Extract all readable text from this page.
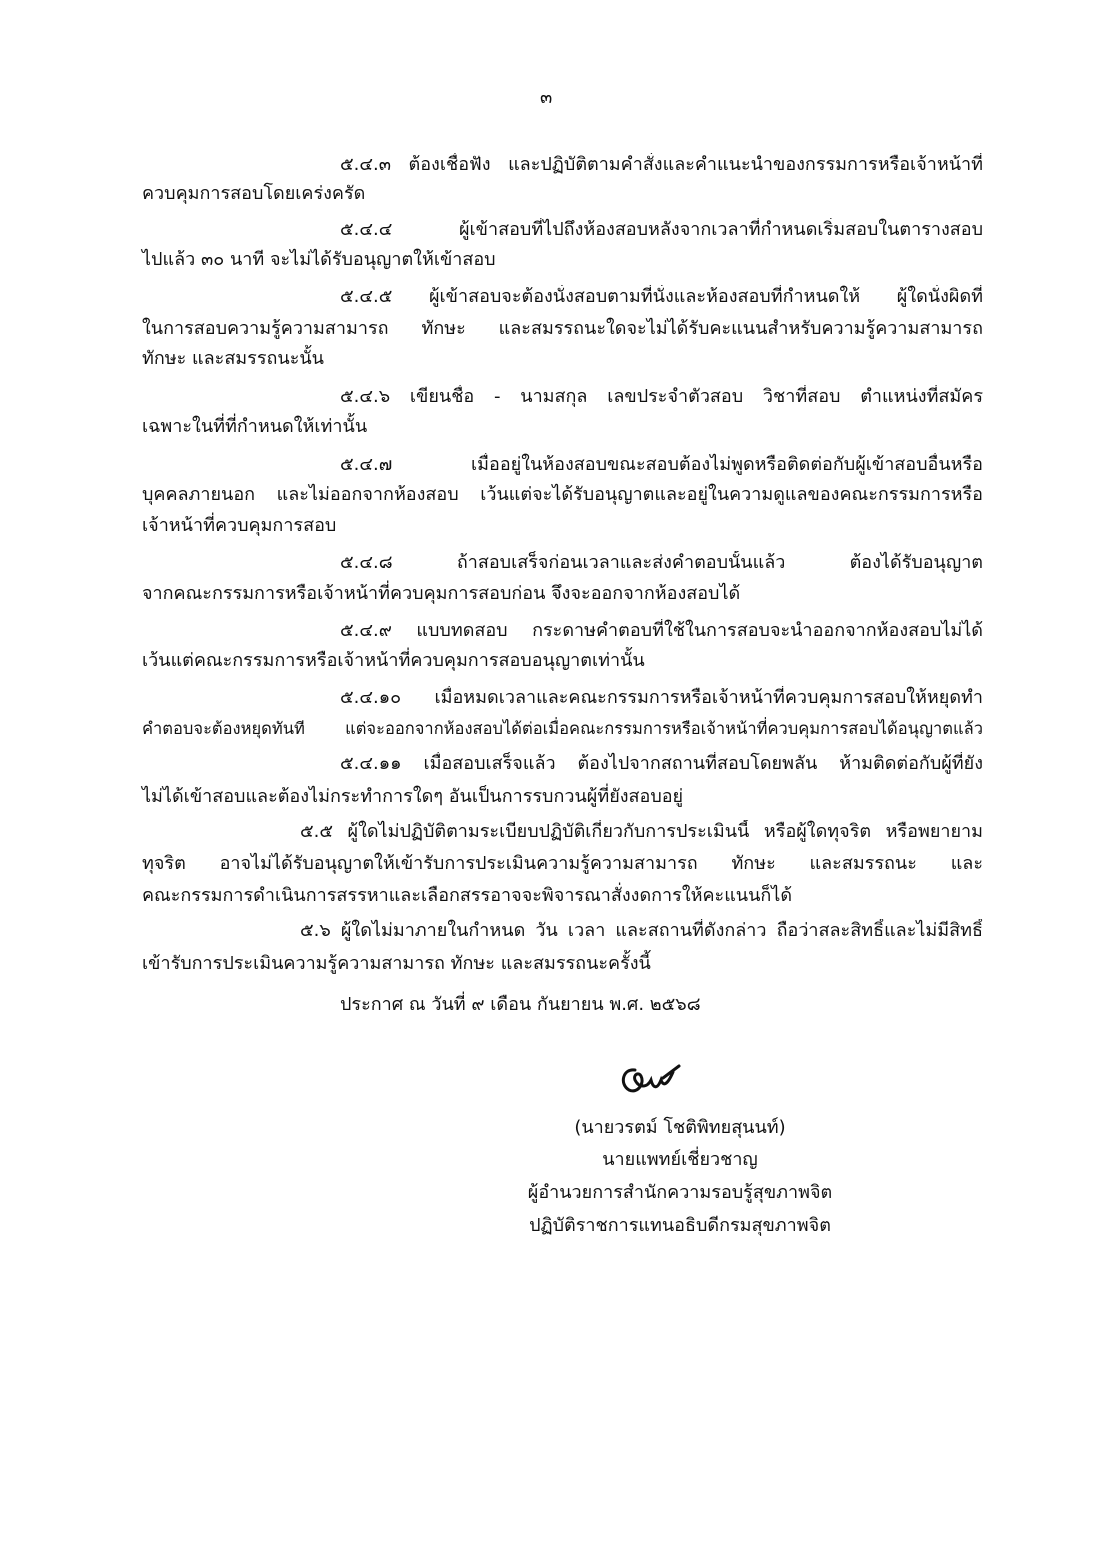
๓
๕.๔.๓ ต้องเชื่อฟัง และปฏิบัติตามคำสั่งและคำแนะนำของกรรมการหรือเจ้าหน้าที่
ควบคุมการสอบโดยเคร่งครัด
๕.๔.๔ ผู้เข้าสอบที่ไปถึงห้องสอบหลังจากเวลาที่กำหนดเริ่มสอบในตารางสอบ
ไปแล้ว ๓๐ นาที จะไม่ได้รับอนุญาตให้เข้าสอบ
๕.๔.๕ ผู้เข้าสอบจะต้องนั่งสอบตามที่นั่งและห้องสอบที่กำหนดให้ ผู้ใดนั่งผิดที่
ในการสอบความรู้ความสามารถ ทักษะ และสมรรถนะใดจะไม่ได้รับคะแนนสำหรับความรู้ความสามารถ
ทักษะ และสมรรถนะนั้น
๕.๔.๖ เขียนชื่อ - นามสกุล เลขประจำตัวสอบ วิชาที่สอบ ตำแหน่งที่สมัคร
เฉพาะในที่ที่กำหนดให้เท่านั้น
๕.๔.๗ เมื่ออยู่ในห้องสอบขณะสอบต้องไม่พูดหรือติดต่อกับผู้เข้าสอบอื่นหรือ
บุคคลภายนอก และไม่ออกจากห้องสอบ เว้นแต่จะได้รับอนุญาตและอยู่ในความดูแลของคณะกรรมการหรือ
เจ้าหน้าที่ควบคุมการสอบ
๕.๔.๘ ถ้าสอบเสร็จก่อนเวลาและส่งคำตอบนั้นแล้ว ต้องได้รับอนุญาต
จากคณะกรรมการหรือเจ้าหน้าที่ควบคุมการสอบก่อน จึงจะออกจากห้องสอบได้
๕.๔.๙ แบบทดสอบ กระดาษคำตอบที่ใช้ในการสอบจะนำออกจากห้องสอบไม่ได้
เว้นแต่คณะกรรมการหรือเจ้าหน้าที่ควบคุมการสอบอนุญาตเท่านั้น
๕.๔.๑๐ เมื่อหมดเวลาและคณะกรรมการหรือเจ้าหน้าที่ควบคุมการสอบให้หยุดทำ
คำตอบจะต้องหยุดทันที แต่จะออกจากห้องสอบได้ต่อเมื่อคณะกรรมการหรือเจ้าหน้าที่ควบคุมการสอบได้อนุญาตแล้ว
๕.๔.๑๑ เมื่อสอบเสร็จแล้ว ต้องไปจากสถานที่สอบโดยพลัน ห้ามติดต่อกับผู้ที่ยัง
ไม่ได้เข้าสอบและต้องไม่กระทำการใดๆ อันเป็นการรบกวนผู้ที่ยังสอบอยู่
๕.๕ ผู้ใดไม่ปฏิบัติตามระเบียบปฏิบัติเกี่ยวกับการประเมินนี้ หรือผู้ใดทุจริต หรือพยายาม
ทุจริต อาจไม่ได้รับอนุญาตให้เข้ารับการประเมินความรู้ความสามารถ ทักษะ และสมรรถนะ และ
คณะกรรมการดำเนินการสรรหาและเลือกสรรอาจจะพิจารณาสั่งงดการให้คะแนนก็ได้
๕.๖ ผู้ใดไม่มาภายในกำหนด วัน เวลา และสถานที่ดังกล่าว ถือว่าสละสิทธิ์และไม่มีสิทธิ์
เข้ารับการประเมินความรู้ความสามารถ ทักษะ และสมรรถนะครั้งนี้
ประกาศ ณ วันที่ ๙ เดือน กันยายน พ.ศ. ๒๕๖๘
(นายวรตม์ โชติพิทยสุนนท์)
นายแพทย์เชี่ยวชาญ
ผู้อำนวยการสำนักความรอบรู้สุขภาพจิต
ปฏิบัติราชการแทนอธิบดีกรมสุขภาพจิต
